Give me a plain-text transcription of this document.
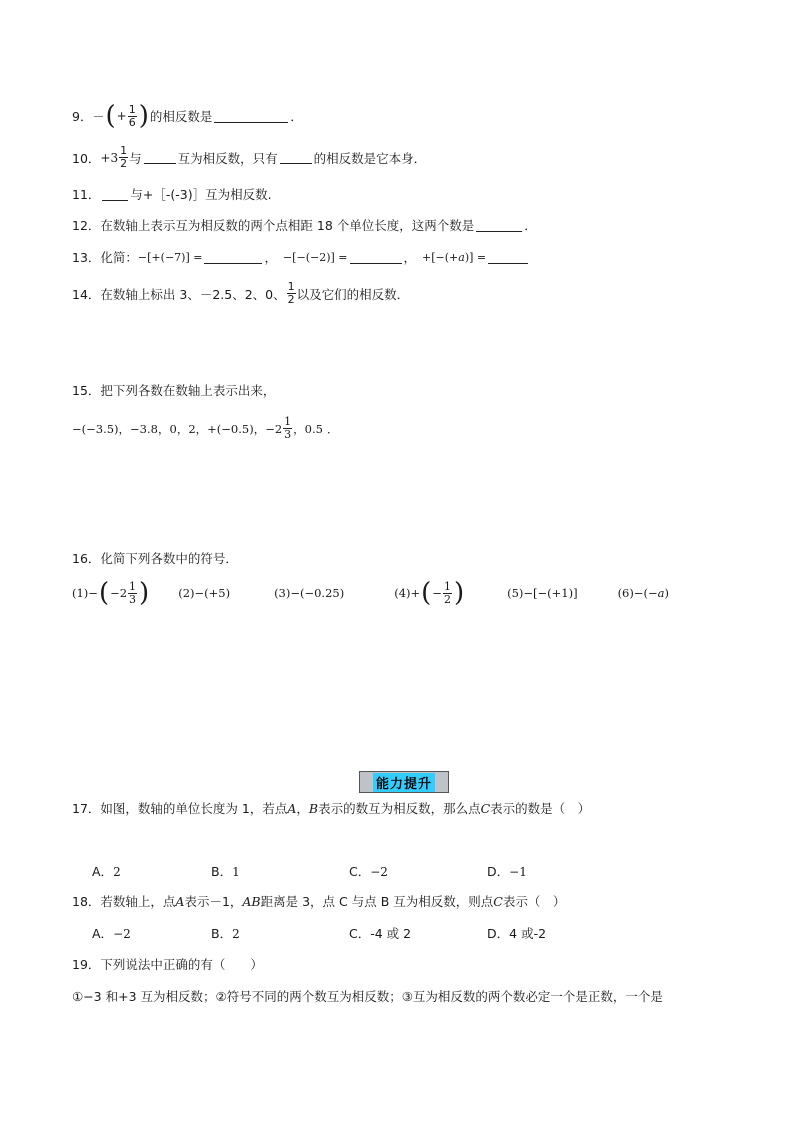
9． － ( + $\frac{1}{6}$ ) 的相反数是	．
10． $+3 \frac{1}{2}$ 与	互为相反数，只有	的相反数是它本身．
11． 与+［-(-3)］互为相反数.
12． 在数轴上表示互为相反数的两个点相距 18 个单位长度，这两个数是	．
13． 化简： −[+(−7)] =	， −[−(−2)] =	， +[−(+ a )] =
14． 在数轴上标出 3、－2.5、2、0、 $\frac{1}{2}$ 以及它们的相反数．
15． 把下列各数在数轴上表示出来，
−(−3.5) ， −3.8 ， 0 ， 2 ， +(−0.5) ， $-2 \frac{1}{3}$ ， 0.5 ．
16． 化简下列各数中的符号．
(1) − ( $-2 \frac{1}{3}$ )	(2)−(+5)	(3)−(−0.25)	(4) + ( − $\frac{1}{2}$ )	(5)−[−(+1)]	(6)−(− a )
能力提升
17． 如图，数轴的单位长度为 1，若点 A ， B 表示的数互为相反数，那么点 C 表示的数是（　）
A．2	B．1	C．−2	D．−1
18． 若数轴上，点 A 表示－1， AB 距离是 3，点 C 与点 B 互为相反数，则点 C 表示（　）
A．−2	B．2	C．-4 或 2	D．4 或-2
19． 下列说法中正确的有（　　）
①−3 和+3 互为相反数；②符号不同的两个数互为相反数；③互为相反数的两个数必定一个是正数，一个是
